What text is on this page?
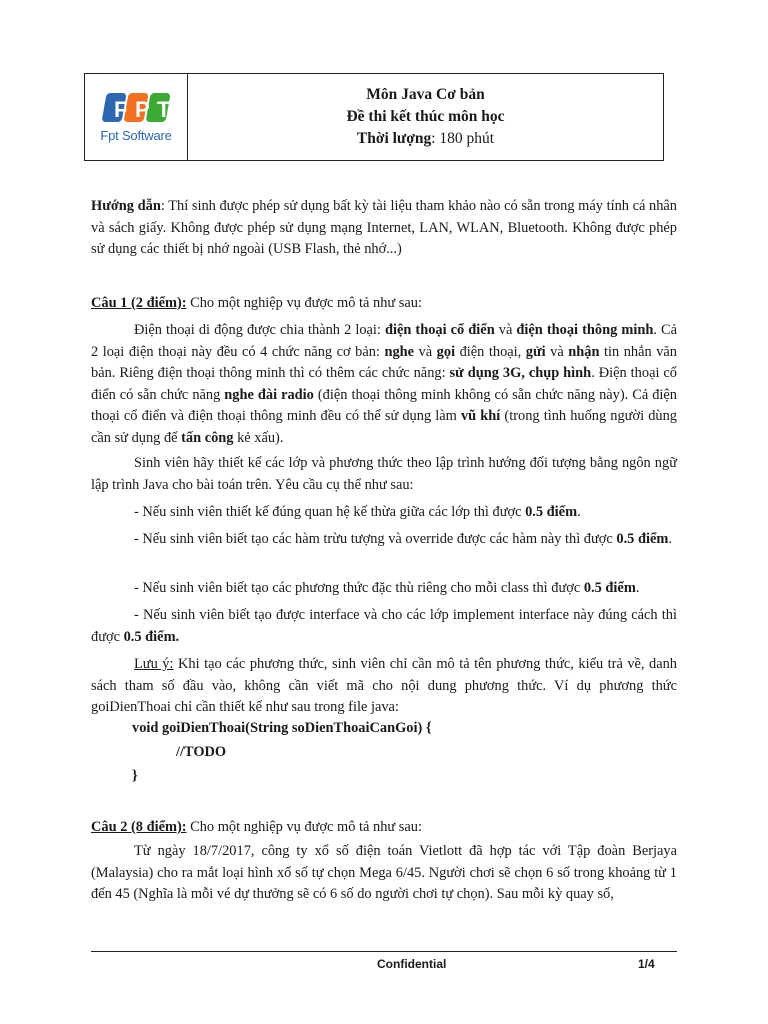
F P T
Fpt Software
Môn Java Cơ bản
Đề thi kết thúc môn học
Thời lượng: 180 phút

Hướng dẫn: Thí sinh được phép sử dụng bất kỳ tài liệu tham khảo nào có sẵn trong máy tính cá nhân và sách giấy. Không được phép sử dụng mạng Internet, LAN, WLAN, Bluetooth. Không được phép sử dụng các thiết bị nhớ ngoài (USB Flash, thẻ nhớ...)

Câu 1 (2 điểm): Cho một nghiệp vụ được mô tả như sau:

Điện thoại di động được chia thành 2 loại: điện thoại cổ điển và điện thoại thông minh. Cả 2 loại điện thoại này đều có 4 chức năng cơ bản: nghe và gọi điện thoại, gửi và nhận tin nhắn văn bản. Riêng điện thoại thông minh thì có thêm các chức năng: sử dụng 3G, chụp hình. Điện thoại cổ điển có sẵn chức năng nghe đài radio (điện thoại thông minh không có sẵn chức năng này). Cả điện thoại cổ điển và điện thoại thông minh đều có thể sử dụng làm vũ khí (trong tình huống người dùng cần sử dụng để tấn công kẻ xấu).

Sinh viên hãy thiết kế các lớp và phương thức theo lập trình hướng đối tượng bằng ngôn ngữ lập trình Java cho bài toán trên. Yêu cầu cụ thể như sau:

- Nếu sinh viên thiết kế đúng quan hệ kế thừa giữa các lớp thì được 0.5 điểm.

- Nếu sinh viên biết tạo các hàm trừu tượng và override được các hàm này thì được 0.5 điểm.

- Nếu sinh viên biết tạo các phương thức đặc thù riêng cho mỗi class thì được 0.5 điểm.

- Nếu sinh viên biết tạo được interface và cho các lớp implement interface này đúng cách thì được 0.5 điểm.

Lưu ý: Khi tạo các phương thức, sinh viên chỉ cần mô tả tên phương thức, kiểu trả về, danh sách tham số đầu vào, không cần viết mã cho nội dung phương thức. Ví dụ phương thức goiDienThoai chỉ cần thiết kế như sau trong file java:

void goiDienThoai(String soDienThoaiCanGoi) {
//TODO
}

Câu 2 (8 điểm): Cho một nghiệp vụ được mô tả như sau:

Từ ngày 18/7/2017, công ty xổ số điện toán Vietlott đã hợp tác với Tập đoàn Berjaya (Malaysia) cho ra mắt loại hình xổ số tự chọn Mega 6/45. Người chơi sẽ chọn 6 số trong khoảng từ 1 đến 45 (Nghĩa là mỗi vé dự thưởng sẽ có 6 số do người chơi tự chọn). Sau mỗi kỳ quay số,

Confidential	1/4
